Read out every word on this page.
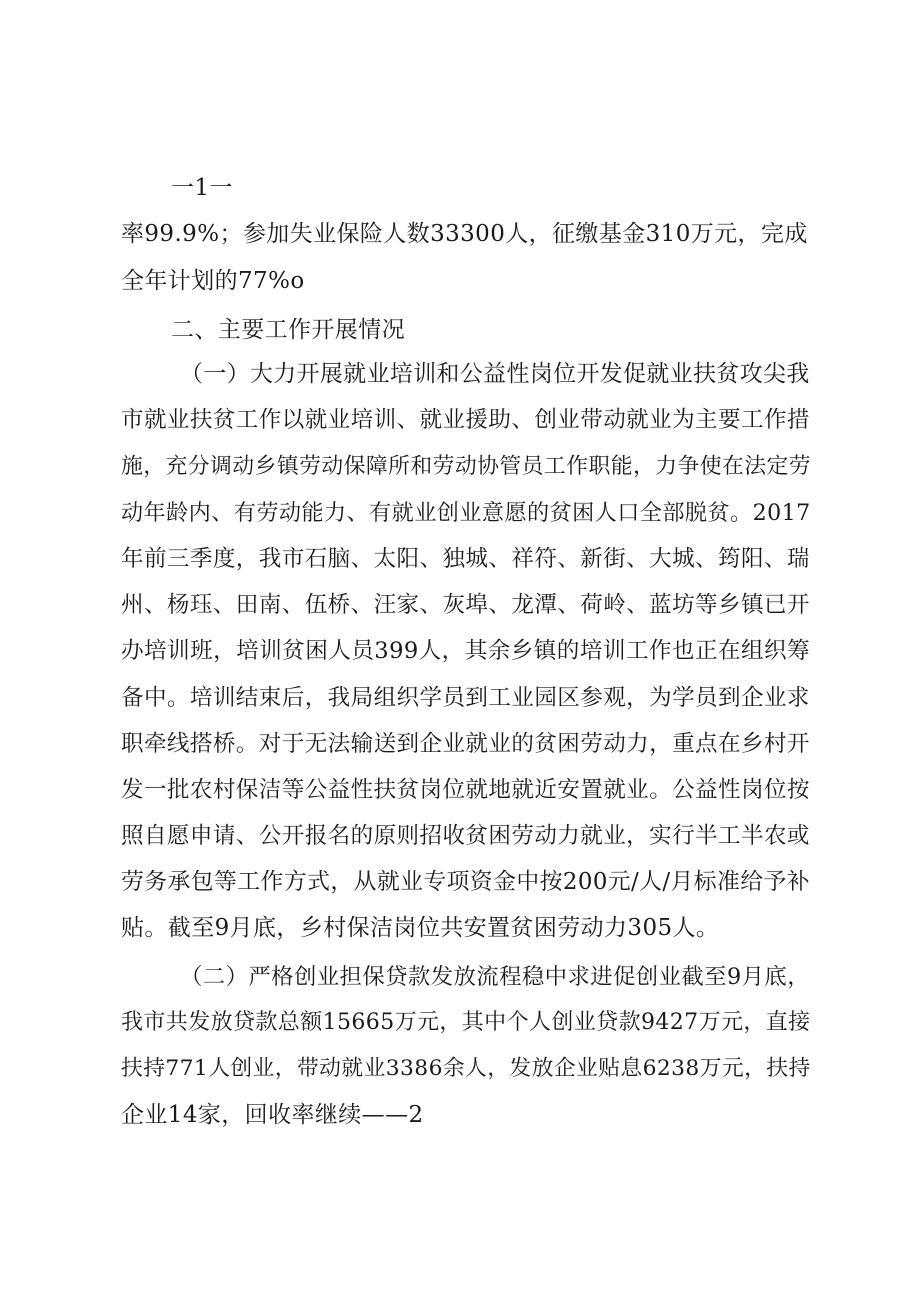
一1一
率99.9%；参加失业保险人数33300人，征缴基金310万元，完成
全年计划的77%o
二、主要工作开展情况
（一）大力开展就业培训和公益性岗位开发促就业扶贫攻尖我
市就业扶贫工作以就业培训、就业援助、创业带动就业为主要工作措
施，充分调动乡镇劳动保障所和劳动协管员工作职能，力争使在法定劳
动年龄内、有劳动能力、有就业创业意愿的贫困人口全部脱贫。2017
年前三季度，我市石脑、太阳、独城、祥符、新街、大城、筠阳、瑞
州、杨珏、田南、伍桥、汪家、灰埠、龙潭、荷岭、蓝坊等乡镇已开
办培训班，培训贫困人员399人，其余乡镇的培训工作也正在组织筹
备中。培训结束后，我局组织学员到工业园区参观，为学员到企业求
职牵线搭桥。对于无法输送到企业就业的贫困劳动力，重点在乡村开
发一批农村保洁等公益性扶贫岗位就地就近安置就业。公益性岗位按
照自愿申请、公开报名的原则招收贫困劳动力就业，实行半工半农或
劳务承包等工作方式，从就业专项资金中按200元/人/月标准给予补
贴。截至9月底，乡村保洁岗位共安置贫困劳动力305人。
（二）严格创业担保贷款发放流程稳中求进促创业截至9月底，
我市共发放贷款总额15665万元，其中个人创业贷款9427万元，直接
扶持771人创业，带动就业3386余人，发放企业贴息6238万元，扶持
企业14家，回收率继续——2
